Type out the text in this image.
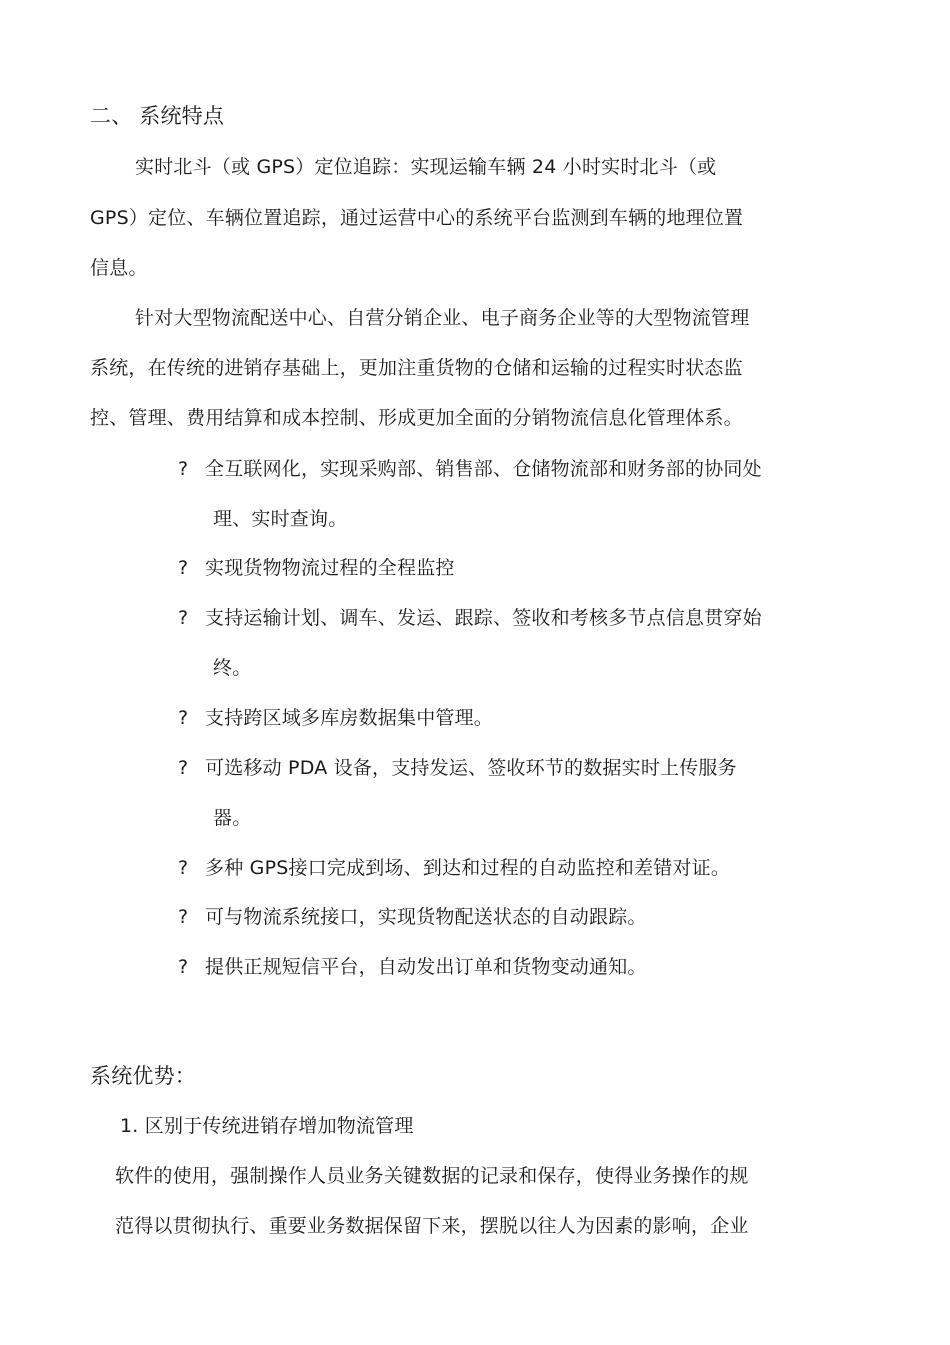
二、 系统特点
实时北斗（或 GPS）定位追踪：实现运输车辆 24 小时实时北斗（或
GPS）定位、车辆位置追踪，通过运营中心的系统平台监测到车辆的地理位置
信息。
针对大型物流配送中心、自营分销企业、电子商务企业等的大型物流管理
系统，在传统的进销存基础上，更加注重货物的仓储和运输的过程实时状态监
控、管理、费用结算和成本控制、形成更加全面的分销物流信息化管理体系。
? 全互联网化，实现采购部、销售部、仓储物流部和财务部的协同处
理、实时查询。
? 实现货物物流过程的全程监控
? 支持运输计划、调车、发运、跟踪、签收和考核多节点信息贯穿始
终。
? 支持跨区域多库房数据集中管理。
? 可选移动 PDA 设备，支持发运、签收环节的数据实时上传服务
器。
? 多种 GPS接口完成到场、到达和过程的自动监控和差错对证。
? 可与物流系统接口，实现货物配送状态的自动跟踪。
? 提供正规短信平台，自动发出订单和货物变动通知。
系统优势：
1. 区别于传统进销存增加物流管理
软件的使用，强制操作人员业务关键数据的记录和保存，使得业务操作的规
范得以贯彻执行、重要业务数据保留下来，摆脱以往人为因素的影响，企业
